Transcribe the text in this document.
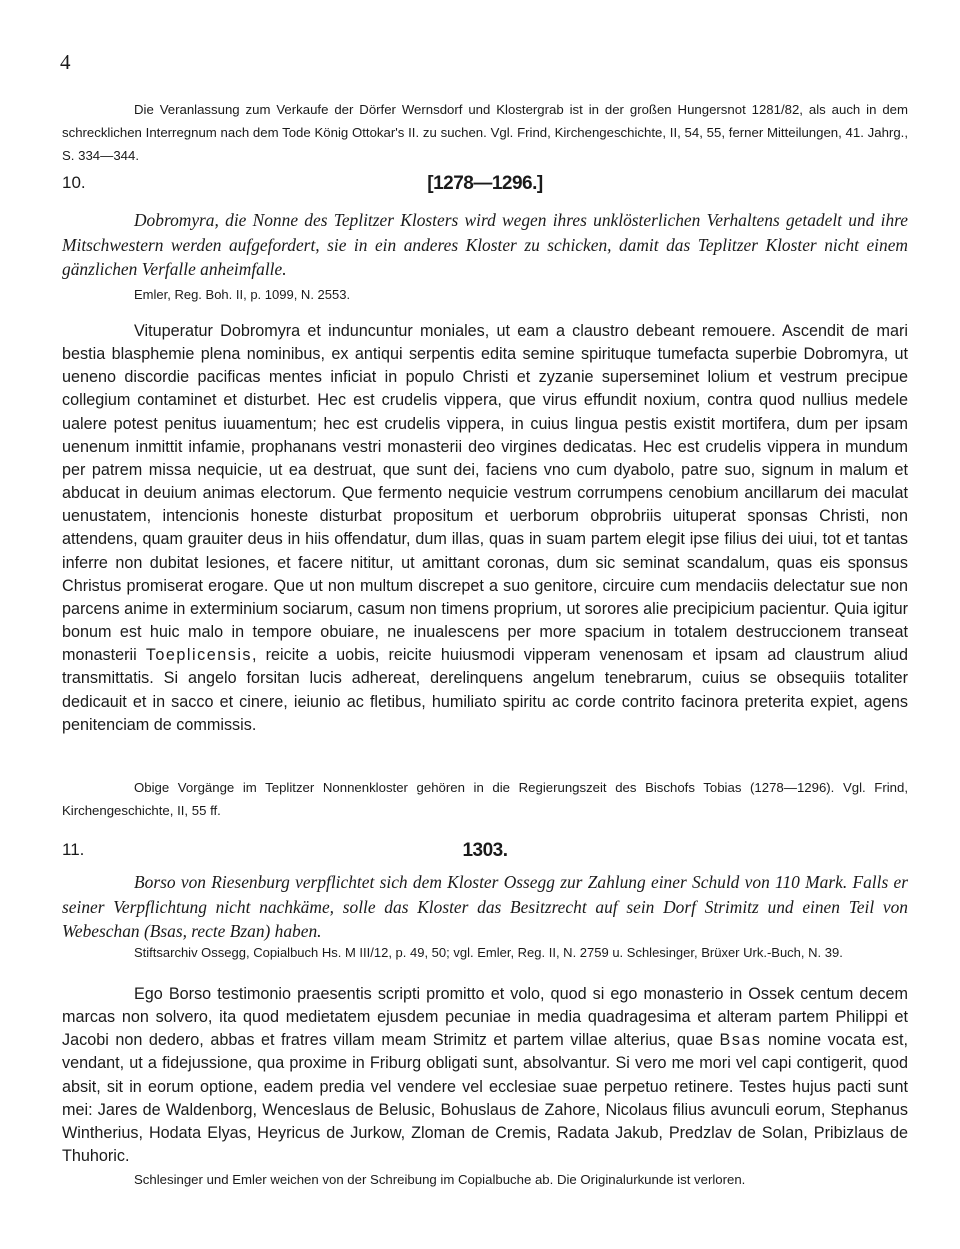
4
Die Veranlassung zum Verkaufe der Dörfer Wernsdorf und Klostergrab ist in der großen Hungersnot 1281/82, als auch in dem schrecklichen Interregnum nach dem Tode König Ottokar's II. zu suchen. Vgl. Frind, Kirchengeschichte, II, 54, 55, ferner Mitteilungen, 41. Jahrg., S. 334—344.
10.	[1278—1296.]
Dobromyra, die Nonne des Teplitzer Klosters wird wegen ihres unklösterlichen Verhaltens getadelt und ihre Mitschwestern werden aufgefordert, sie in ein anderes Kloster zu schicken, damit das Teplitzer Kloster nicht einem gänzlichen Verfalle anheimfalle.
Emler, Reg. Boh. II, p. 1099, N. 2553.
Vituperatur Dobromyra et induncuntur moniales, ut eam a claustro debeant remouere. Ascendit de mari bestia blasphemie plena nominibus, ex antiqui serpentis edita semine spirituque tumefacta superbie Dobromyra, ut ueneno discordie pacificas mentes inficiat in populo Christi et zyzanie superseminet lolium et vestrum precipue collegium contaminet et disturbet. Hec est crudelis vippera, que virus effundit noxium, contra quod nullius medele ualere potest penitus iuuamentum; hec est crudelis vippera, in cuius lingua pestis existit mortifera, dum per ipsam uenenum inmittit infamie, prophanans vestri monasterii deo virgines dedicatas. Hec est crudelis vippera in mundum per patrem missa nequicie, ut ea destruat, que sunt dei, faciens vno cum dyabolo, patre suo, signum in malum et abducat in deuium animas electorum. Que fermento nequicie vestrum corrumpens cenobium ancillarum dei maculat uenustatem, intencionis honeste disturbat propositum et uerborum obprobriis uituperat sponsas Christi, non attendens, quam grauiter deus in hiis offendatur, dum illas, quas in suam partem elegit ipse filius dei uiui, tot et tantas inferre non dubitat lesiones, et facere nititur, ut amittant coronas, dum sic seminat scandalum, quas eis sponsus Christus promiserat erogare. Que ut non multum discrepet a suo genitore, circuire cum mendaciis delectatur sue non parcens anime in exterminium sociarum, casum non timens proprium, ut sorores alie precipicium pacientur. Quia igitur bonum est huic malo in tempore obuiare, ne inualescens per more spacium in totalem destruccionem transeat monasterii Toeplicensis, reicite a uobis, reicite huiusmodi vipperam venenosam et ipsam ad claustrum aliud transmittatis. Si angelo forsitan lucis adhereat, derelinquens angelum tenebrarum, cuius se obsequiis totaliter dedicauit et in sacco et cinere, ieiunio ac fletibus, humiliato spiritu ac corde contrito facinora preterita expiet, agens penitenciam de commissis.
Obige Vorgänge im Teplitzer Nonnenkloster gehören in die Regierungszeit des Bischofs Tobias (1278—1296). Vgl. Frind, Kirchengeschichte, II, 55 ff.
11.	1303.
Borso von Riesenburg verpflichtet sich dem Kloster Ossegg zur Zahlung einer Schuld von 110 Mark. Falls er seiner Verpflichtung nicht nachkäme, solle das Kloster das Besitzrecht auf sein Dorf Strimitz und einen Teil von Webeschan (Bsas, recte Bzan) haben.
Stiftsarchiv Ossegg, Copialbuch Hs. M III/12, p. 49, 50; vgl. Emler, Reg. II, N. 2759 u. Schlesinger, Brüxer Urk.-Buch, N. 39.
Ego Borso testimonio praesentis scripti promitto et volo, quod si ego monasterio in Ossek centum decem marcas non solvero, ita quod medietatem ejusdem pecuniae in media quadragesima et alteram partem Philippi et Jacobi non dedero, abbas et fratres villam meam Strimitz et partem villae alterius, quae Bsas nomine vocata est, vendant, ut a fidejussione, qua proxime in Friburg obligati sunt, absolvantur. Si vero me mori vel capi contigerit, quod absit, sit in eorum optione, eadem predia vel vendere vel ecclesiae suae perpetuo retinere. Testes hujus pacti sunt mei: Jares de Waldenborg, Wenceslaus de Belusic, Bohuslaus de Zahore, Nicolaus filius avunculi eorum, Stephanus Wintherius, Hodata Elyas, Heyricus de Jurkow, Zloman de Cremis, Radata Jakub, Predzlav de Solan, Pribizlaus de Thuhoric.
Schlesinger und Emler weichen von der Schreibung im Copialbuche ab. Die Originalurkunde ist verloren.
